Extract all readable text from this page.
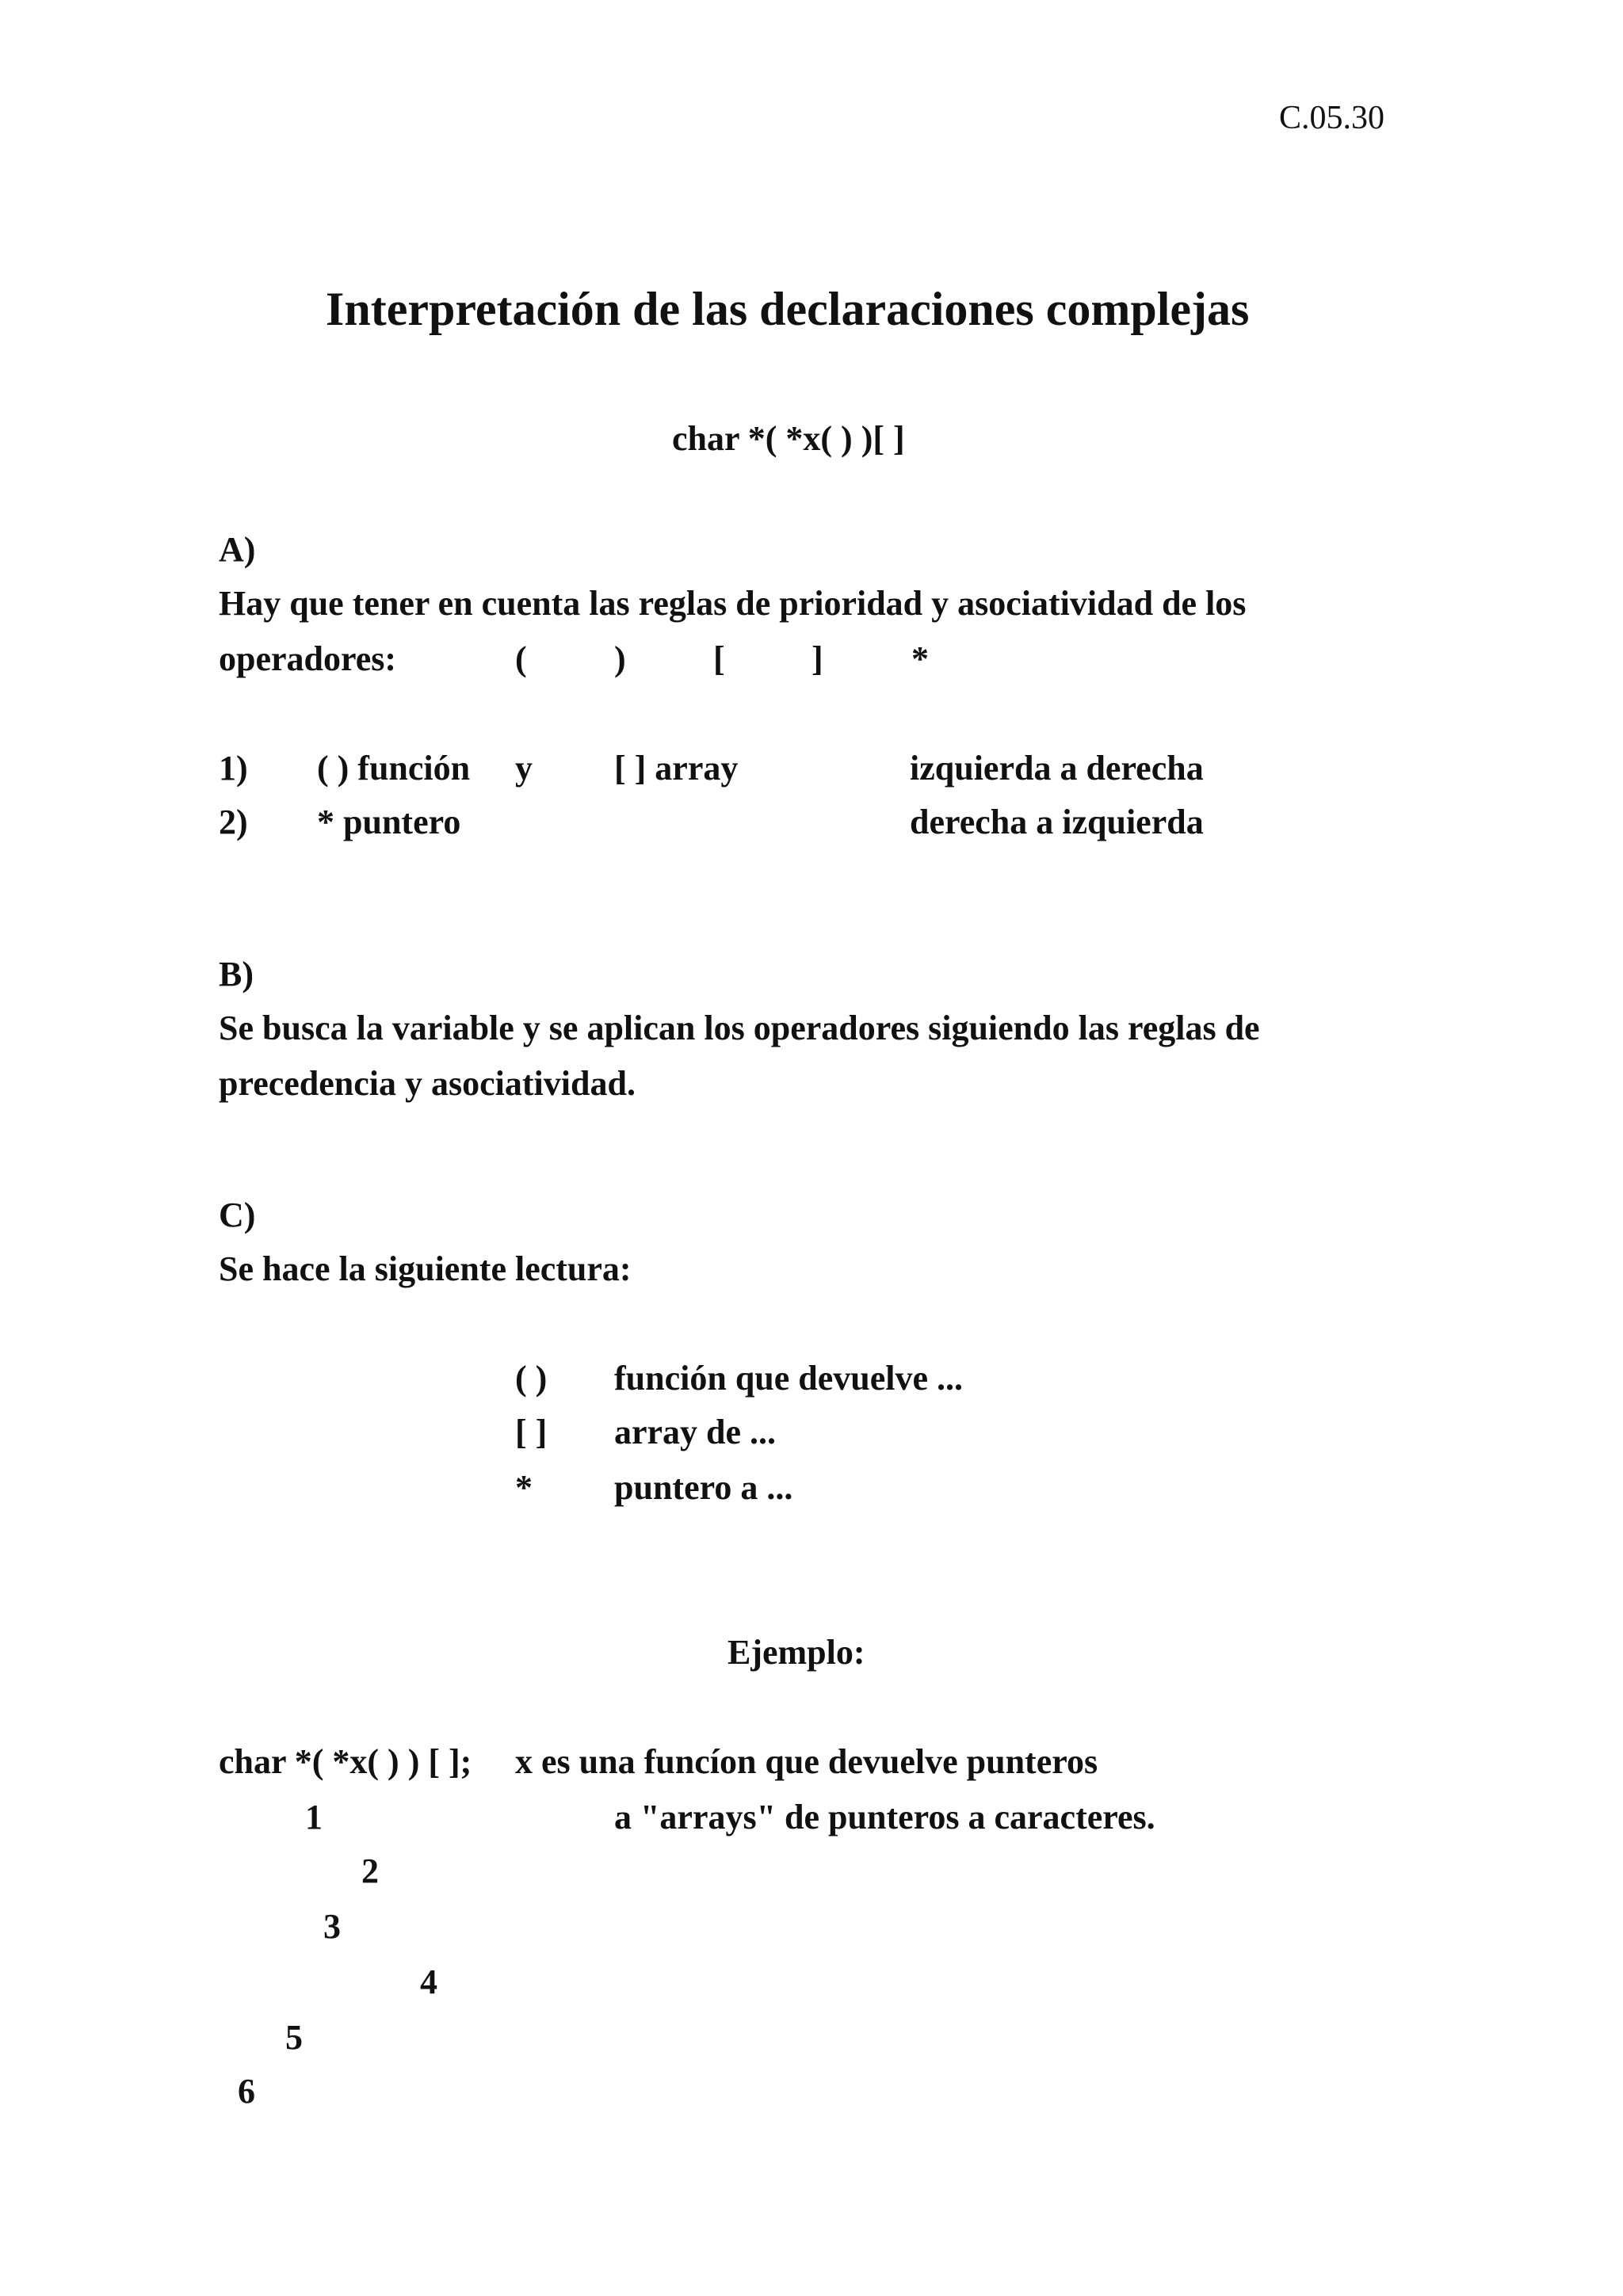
C.05.30
Interpretación de las declaraciones complejas
char *( *x( ) )[ ]
A)
Hay que tener en cuenta las reglas de prioridad y asociatividad de los
operadores:	(	)	[ ]	*
1) ( ) función y [ ] array	izquierda a derecha
2) * puntero	derecha a izquierda
B)
Se busca la variable y se aplican los operadores siguiendo las reglas de
precedencia y asociatividad.
C)
Se hace la siguiente lectura:
( ) función que devuelve ...
[ ] array de ...
* puntero a ...
Ejemplo:
char *( *x( ) ) [ ]; x es una funcíon que devuelve punteros
a "arrays" de punteros a caracteres.
1
2
3
4
5
6
